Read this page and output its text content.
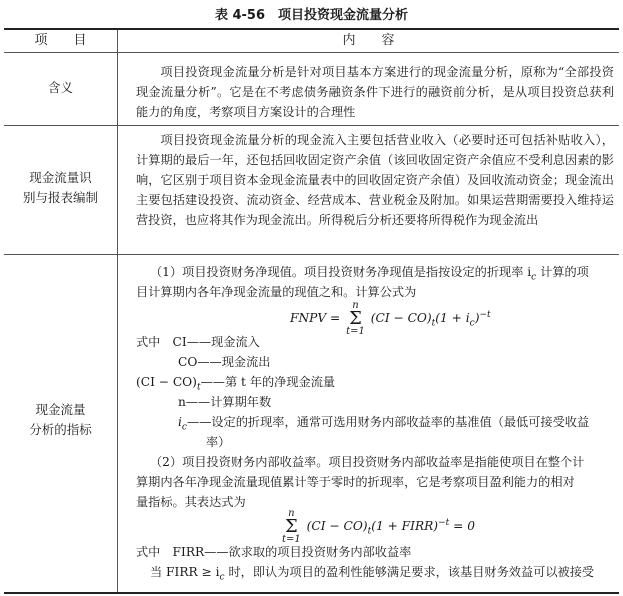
表 4-56　项目投资现金流量分析
项　　目	内　　容
含义
项目投资现金流量分析是针对项目基本方案进行的现金流量分析，原称为“全部投资现金流量分析”。它是在不考虑债务融资条件下进行的融资前分析，是从项目投资总获利能力的角度，考察项目方案设计的合理性
现金流量识
别与报表编制
项目投资现金流量分析的现金流入主要包括营业收入（必要时还可包括补贴收入），计算期的最后一年，还包括回收固定资产余值（该回收固定资产余值应不受利息因素的影响，它区别于项目资本金现金流量表中的回收固定资产余值）及回收流动资金；现金流出主要包括建设投资、流动资金、经营成本、营业税金及附加。如果运营期需要投入维持运营投资，也应将其作为现金流出。所得税后分析还要将所得税作为现金流出
现金流量
分析的指标
（1）项目投资财务净现值。项目投资财务净现值是指按设定的折现率 $i_c$ 计算的项
目计算期内各年净现金流量的现值之和。计算公式为
FNPV = n
Σ
t=1 $(CI - CO)_t(1 + i_c)^{-t}$
式中　CI——现金流入
CO——现金流出
$(CI - CO)_t——$第 t 年的净现金流量
n——计算期年数
$i_c——$设定的折现率，通常可选用财务内部收益率的基准值（最低可接受收益
率）
（2）项目投资财务内部收益率。项目投资财务内部收益率是指能使项目在整个计
算期内各年净现金流量现值累计等于零时的折现率，它是考察项目盈利能力的相对
量指标。其表达式为
n
Σ
t=1 $(CI - CO)_t(1$ + FIRR)$^{-t}$ = 0
式中　FIRR——欲求取的项目投资财务内部收益率
当 FIRR ≥ $i_c$ 时，即认为项目的盈利性能够满足要求，该基目财务效益可以被接受
